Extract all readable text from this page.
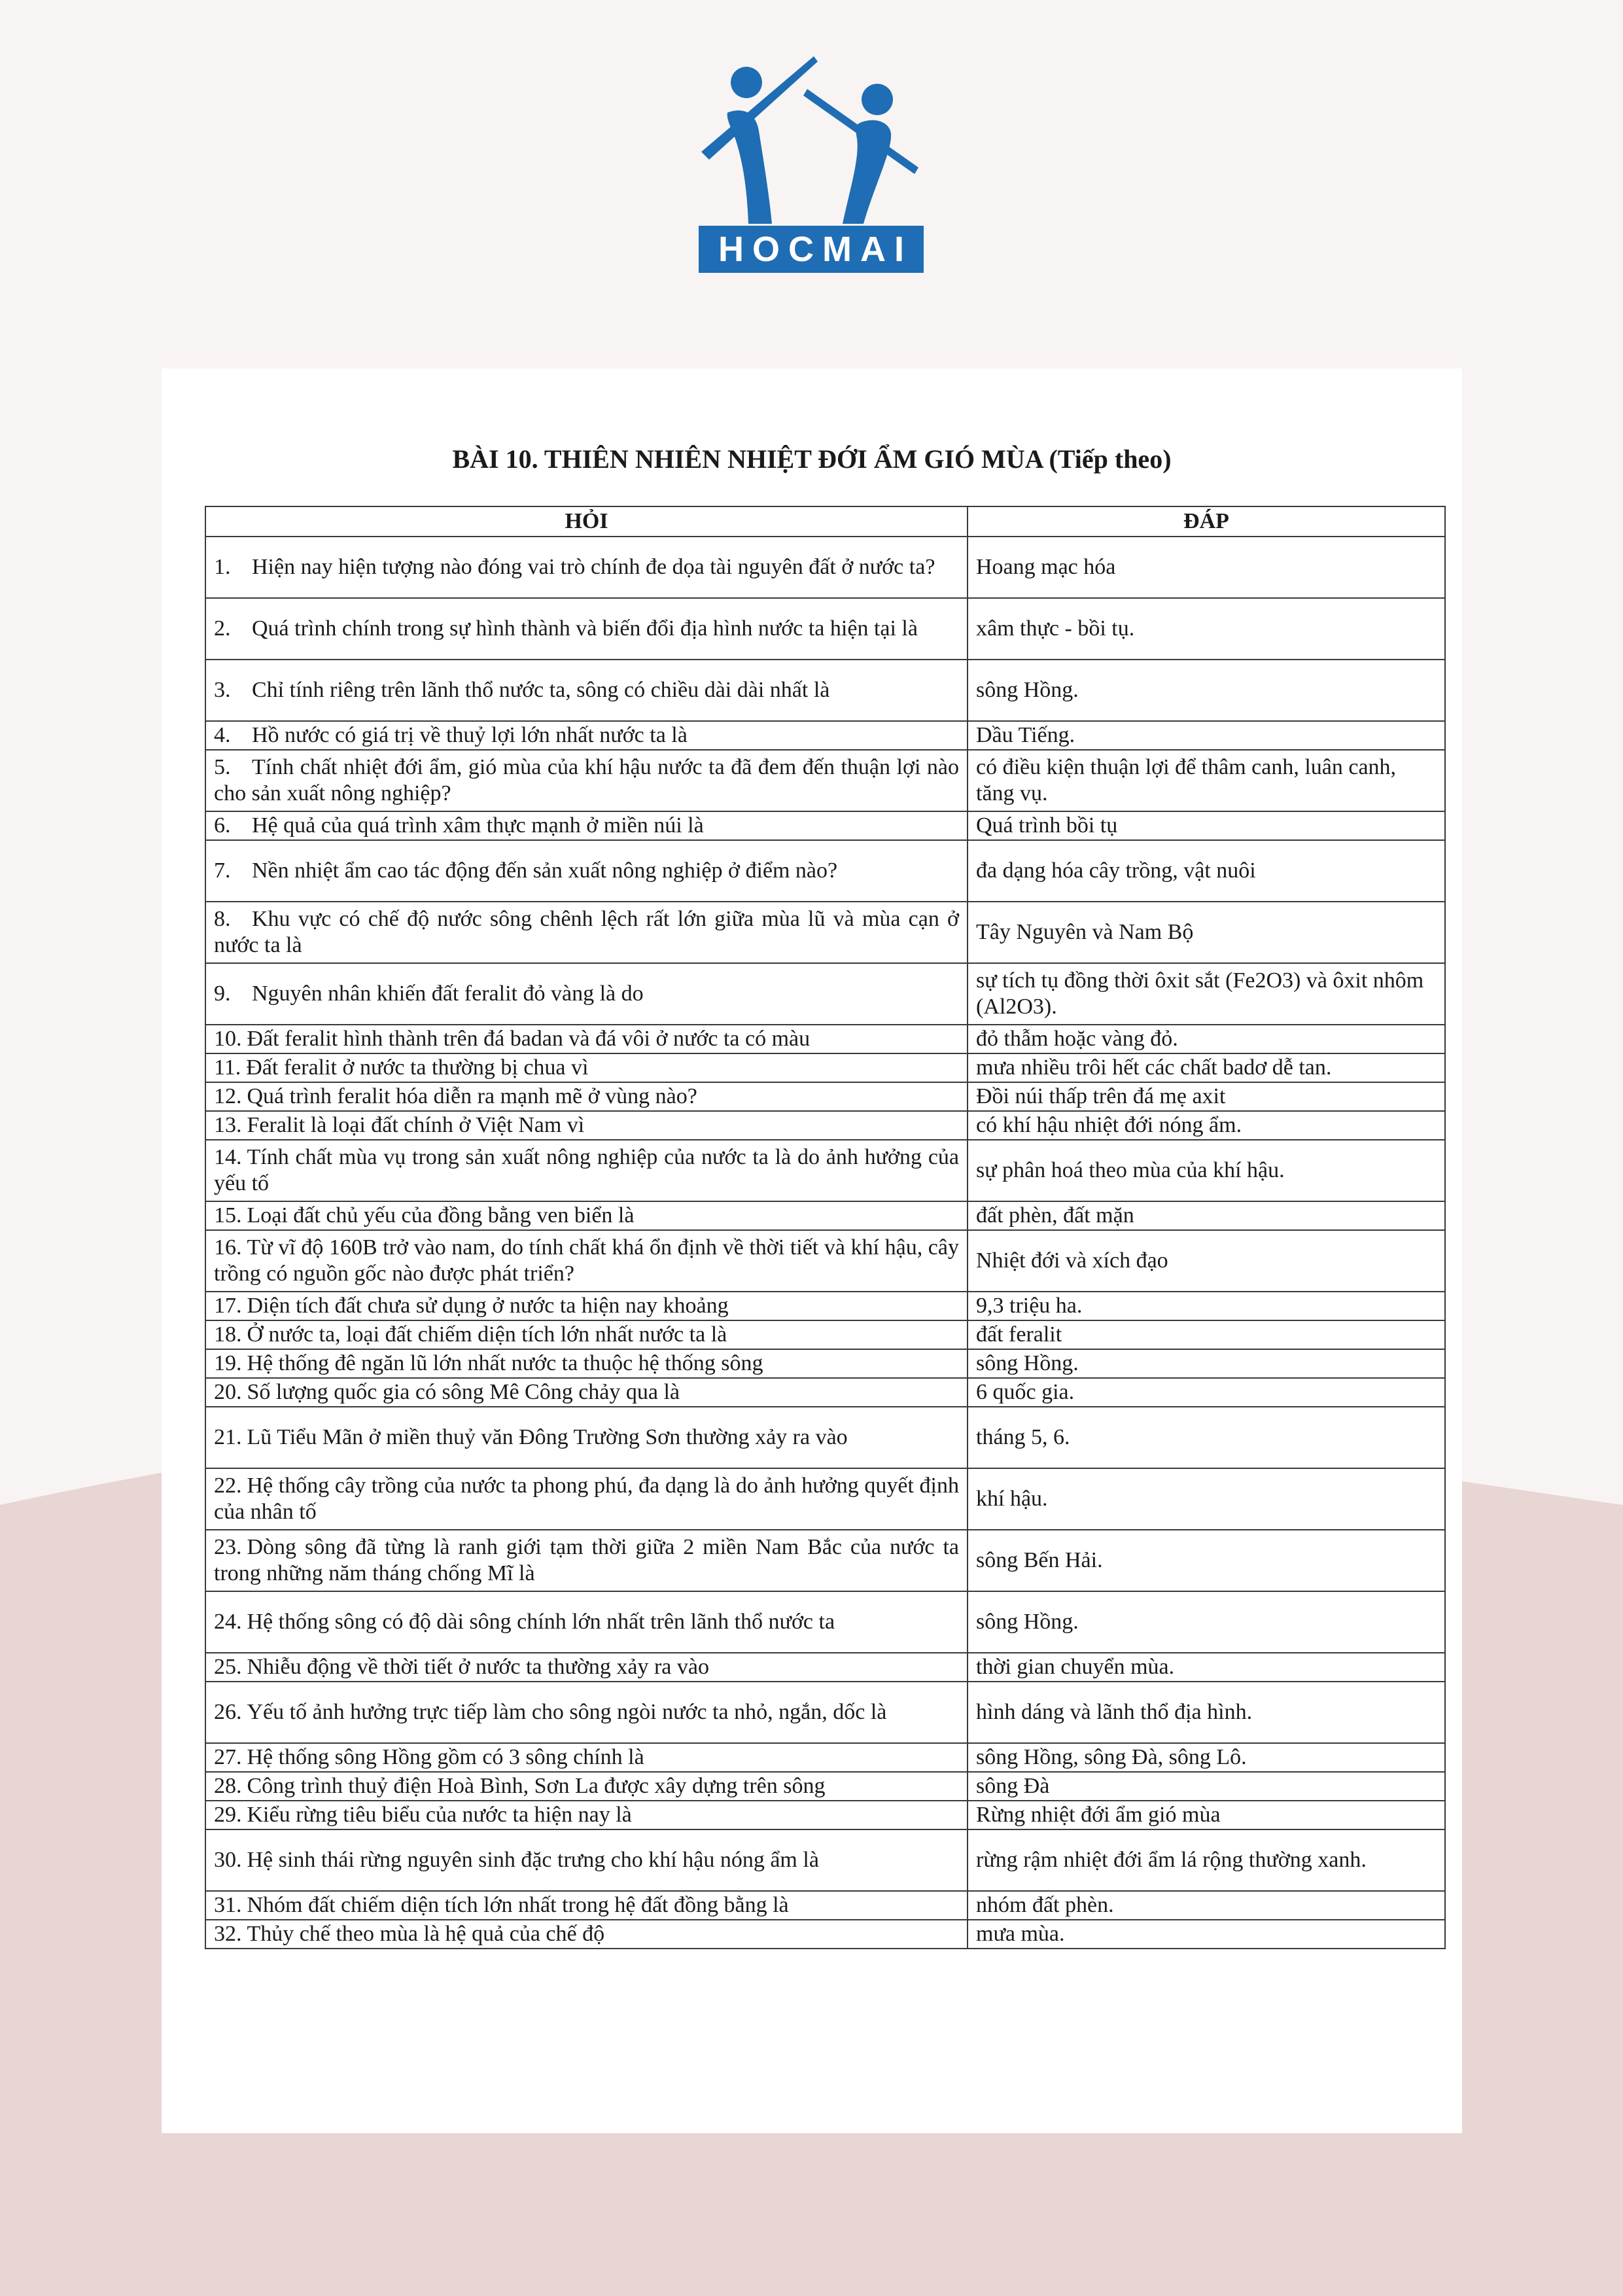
HOCMAI
BÀI 10. THIÊN NHIÊN NHIỆT ĐỚI ẨM GIÓ MÙA (Tiếp theo)
HỎI	ĐÁP
1. Hiện nay hiện tượng nào đóng vai trò chính đe dọa tài nguyên đất ở nước ta?	Hoang mạc hóa
2. Quá trình chính trong sự hình thành và biến đổi địa hình nước ta hiện tại là	xâm thực - bồi tụ.
3. Chỉ tính riêng trên lãnh thổ nước ta, sông có chiều dài dài nhất là	sông Hồng.
4. Hồ nước có giá trị về thuỷ lợi lớn nhất nước ta là	Dầu Tiếng.
5. Tính chất nhiệt đới ẩm, gió mùa của khí hậu nước ta đã đem đến thuận lợi nào cho sản xuất nông nghiệp?	có điều kiện thuận lợi để thâm canh, luân canh, tăng vụ.
6. Hệ quả của quá trình xâm thực mạnh ở miền núi là	Quá trình bồi tụ
7. Nền nhiệt ẩm cao tác động đến sản xuất nông nghiệp ở điểm nào?	đa dạng hóa cây trồng, vật nuôi
8. Khu vực có chế độ nước sông chênh lệch rất lớn giữa mùa lũ và mùa cạn ở nước ta là	Tây Nguyên và Nam Bộ
9. Nguyên nhân khiến đất feralit đỏ vàng là do	sự tích tụ đồng thời ôxit sắt (Fe2O3) và ôxit nhôm (Al2O3).
10. Đất feralit hình thành trên đá badan và đá vôi ở nước ta có màu	đỏ thẫm hoặc vàng đỏ.
11. Đất feralit ở nước ta thường bị chua vì	mưa nhiều trôi hết các chất badơ dễ tan.
12. Quá trình feralit hóa diễn ra mạnh mẽ ở vùng nào?	Đồi núi thấp trên đá mẹ axit
13. Feralit là loại đất chính ở Việt Nam vì	có khí hậu nhiệt đới nóng ẩm.
14. Tính chất mùa vụ trong sản xuất nông nghiệp của nước ta là do ảnh hưởng của yếu tố	sự phân hoá theo mùa của khí hậu.
15. Loại đất chủ yếu của đồng bằng ven biển là	đất phèn, đất mặn
16. Từ vĩ độ 160B trở vào nam, do tính chất khá ổn định về thời tiết và khí hậu, cây trồng có nguồn gốc nào được phát triển?	Nhiệt đới và xích đạo
17. Diện tích đất chưa sử dụng ở nước ta hiện nay khoảng	9,3 triệu ha.
18. Ở nước ta, loại đất chiếm diện tích lớn nhất nước ta là	đất feralit
19. Hệ thống đê ngăn lũ lớn nhất nước ta thuộc hệ thống sông	sông Hồng.
20. Số lượng quốc gia có sông Mê Công chảy qua là	6 quốc gia.
21. Lũ Tiểu Mãn ở miền thuỷ văn Đông Trường Sơn thường xảy ra vào	tháng 5, 6.
22. Hệ thống cây trồng của nước ta phong phú, đa dạng là do ảnh hưởng quyết định của nhân tố	khí hậu.
23. Dòng sông đã từng là ranh giới tạm thời giữa 2 miền Nam Bắc của nước ta trong những năm tháng chống Mĩ là	sông Bến Hải.
24. Hệ thống sông có độ dài sông chính lớn nhất trên lãnh thổ nước ta	sông Hồng.
25. Nhiễu động về thời tiết ở nước ta thường xảy ra vào	thời gian chuyển mùa.
26. Yếu tố ảnh hưởng trực tiếp làm cho sông ngòi nước ta nhỏ, ngắn, dốc là	hình dáng và lãnh thổ địa hình.
27. Hệ thống sông Hồng gồm có 3 sông chính là	sông Hồng, sông Đà, sông Lô.
28. Công trình thuỷ điện Hoà Bình, Sơn La được xây dựng trên sông	sông Đà
29. Kiểu rừng tiêu biểu của nước ta hiện nay là	Rừng nhiệt đới ẩm gió mùa
30. Hệ sinh thái rừng nguyên sinh đặc trưng cho khí hậu nóng ẩm là	rừng rậm nhiệt đới ẩm lá rộng thường xanh.
31. Nhóm đất chiếm diện tích lớn nhất trong hệ đất đồng bằng là	nhóm đất phèn.
32. Thủy chế theo mùa là hệ quả của chế độ	mưa mùa.
